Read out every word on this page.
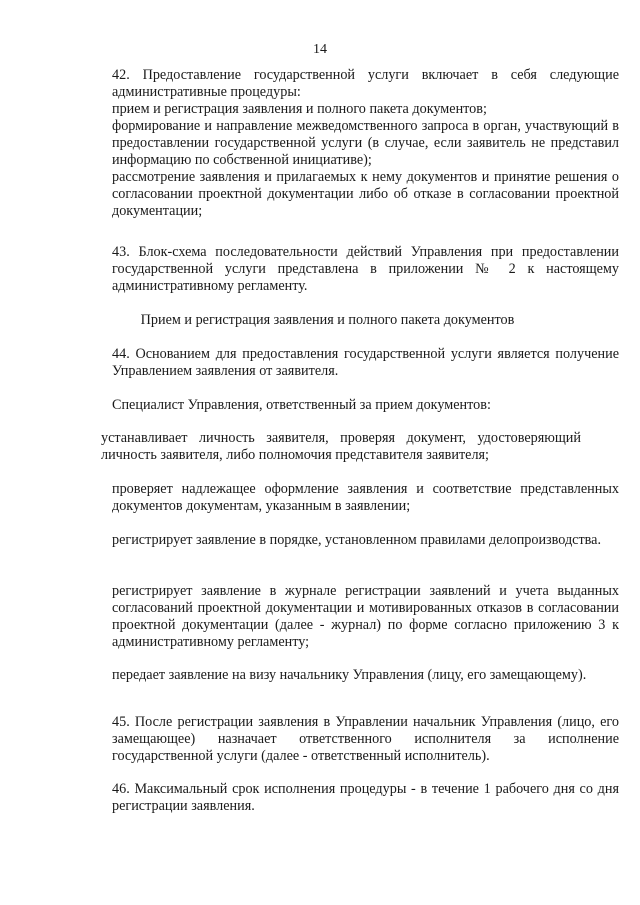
14

42. Предоставление государственной услуги включает в себя следующие административные процедуры:

прием и регистрация заявления и полного пакета документов;

формирование и направление межведомственного запроса в орган, участвующий в предоставлении государственной услуги (в случае, если заявитель не представил информацию по собственной инициативе);

рассмотрение заявления и прилагаемых к нему документов и принятие решения о согласовании проектной документации либо об отказе в согласовании проектной документации;

43. Блок-схема последовательности действий Управления при предоставлении государственной услуги представлена в приложении № 2 к настоящему административному регламенту.

Прием и регистрация заявления и полного пакета документов

44. Основанием для предоставления государственной услуги является получение Управлением заявления от заявителя.

Специалист Управления, ответственный за прием документов:

устанавливает личность заявителя, проверяя документ, удостоверяющий личность заявителя, либо полномочия представителя заявителя;

проверяет надлежащее оформление заявления и соответствие представленных документов документам, указанным в заявлении;

регистрирует заявление в порядке, установленном правилами делопроизводства.

регистрирует заявление в журнале регистрации заявлений и учета выданных согласований проектной документации и мотивированных отказов в согласовании проектной документации (далее - журнал) по форме согласно приложению 3 к административному регламенту;

передает заявление на визу начальнику Управления (лицу, его замещающему).

45. После регистрации заявления в Управлении начальник Управления (лицо, его замещающее) назначает ответственного исполнителя за исполнение государственной услуги (далее - ответственный исполнитель).

46. Максимальный срок исполнения процедуры - в течение 1 рабочего дня со дня регистрации заявления.
